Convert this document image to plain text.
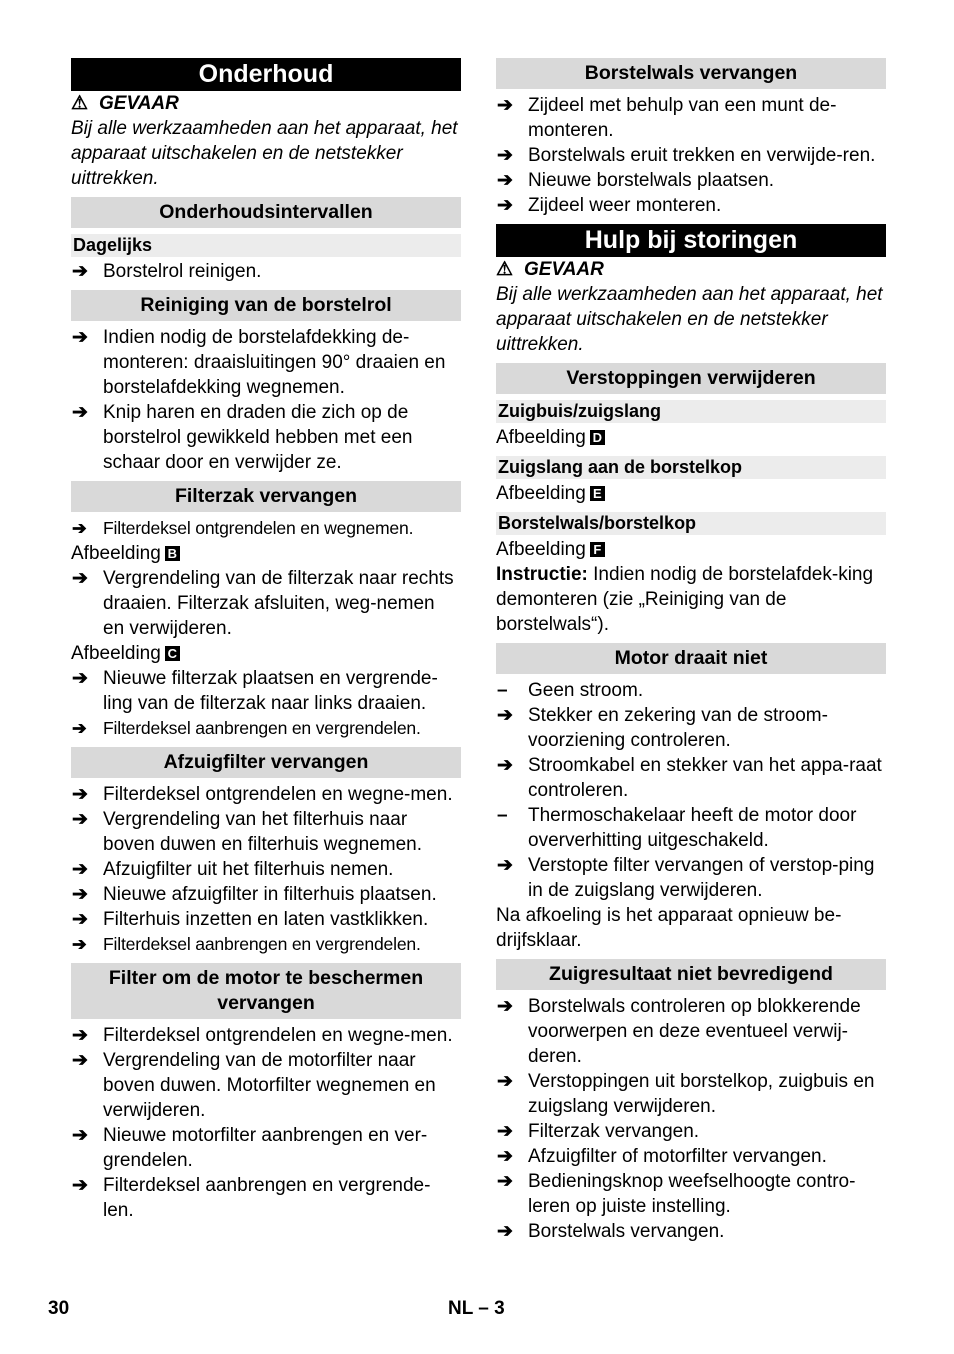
Onderhoud
⚠ GEVAAR
Bij alle werkzaamheden aan het apparaat, het apparaat uitschakelen en de netstekker uittrekken.
Onderhoudsintervallen
Dagelijks
➔ Borstelrol reinigen.
Reiniging van de borstelrol
➔ Indien nodig de borstelafdekking de-monteren: draaisluitingen 90° draaien en borstelafdekking wegnemen.
➔ Knip haren en draden die zich op de borstelrol gewikkeld hebben met een schaar door en verwijder ze.
Filterzak vervangen
➔ Filterdeksel ontgrendelen en wegnemen.
Afbeelding B
➔ Vergrendeling van de filterzak naar rechts draaien. Filterzak afsluiten, weg-nemen en verwijderen.
Afbeelding C
➔ Nieuwe filterzak plaatsen en vergrende-ling van de filterzak naar links draaien.
➔ Filterdeksel aanbrengen en vergrendelen.
Afzuigfilter vervangen
➔ Filterdeksel ontgrendelen en wegne-men.
➔ Vergrendeling van het filterhuis naar boven duwen en filterhuis wegnemen.
➔ Afzuigfilter uit het filterhuis nemen.
➔ Nieuwe afzuigfilter in filterhuis plaatsen.
➔ Filterhuis inzetten en laten vastklikken.
➔ Filterdeksel aanbrengen en vergrendelen.
Filter om de motor te beschermen vervangen
➔ Filterdeksel ontgrendelen en wegne-men.
➔ Vergrendeling van de motorfilter naar boven duwen. Motorfilter wegnemen en verwijderen.
➔ Nieuwe motorfilter aanbrengen en ver-grendelen.
➔ Filterdeksel aanbrengen en vergrende-len.
Borstelwals vervangen
➔ Zijdeel met behulp van een munt de-monteren.
➔ Borstelwals eruit trekken en verwijde-ren.
➔ Nieuwe borstelwals plaatsen.
➔ Zijdeel weer monteren.
Hulp bij storingen
⚠ GEVAAR
Bij alle werkzaamheden aan het apparaat, het apparaat uitschakelen en de netstekker uittrekken.
Verstoppingen verwijderen
Zuigbuis/zuigslang
Afbeelding D
Zuigslang aan de borstelkop
Afbeelding E
Borstelwals/borstelkop
Afbeelding F
Instructie: Indien nodig de borstelafdek-king demonteren (zie „Reiniging van de borstelwals“).
Motor draait niet
–	Geen stroom.
➔ Stekker en zekering van de stroom-voorziening controleren.
➔ Stroomkabel en stekker van het appa-raat controleren.
–	Thermoschakelaar heeft de motor door oververhitting uitgeschakeld.
➔ Verstopte filter vervangen of verstop-ping in de zuigslang verwijderen.
Na afkoeling is het apparaat opnieuw be-drijfsklaar.
Zuigresultaat niet bevredigend
➔ Borstelwals controleren op blokkerende voorwerpen en deze eventueel verwij-deren.
➔ Verstoppingen uit borstelkop, zuigbuis en zuigslang verwijderen.
➔ Filterzak vervangen.
➔ Afzuigfilter of motorfilter vervangen.
➔ Bedieningsknop weefselhoogte contro-leren op juiste instelling.
➔ Borstelwals vervangen.
30	NL – 3
